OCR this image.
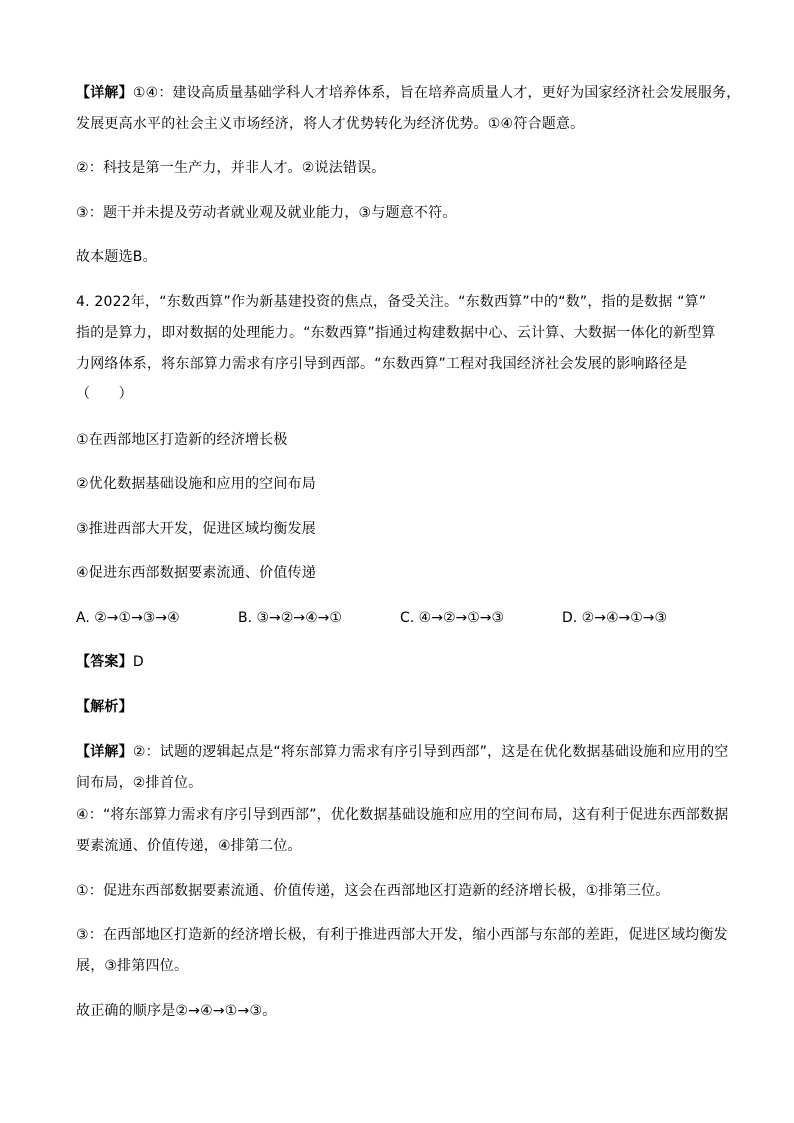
【详解】①④：建设高质量基础学科人才培养体系，旨在培养高质量人才，更好为国家经济社会发展服务，
发展更高水平的社会主义市场经济，将人才优势转化为经济优势。①④符合题意。
②：科技是第一生产力，并非人才。②说法错误。
③：题干并未提及劳动者就业观及就业能力，③与题意不符。
故本题选B。
4. 2022年，“东数西算”作为新基建投资的焦点，备受关注。“东数西算”中的“数”，指的是数据 “算”
指的是算力，即对数据的处理能力。“东数西算”指通过构建数据中心、云计算、大数据一体化的新型算
力网络体系，将东部算力需求有序引导到西部。“东数西算”工程对我国经济社会发展的影响路径是
（　　）
①在西部地区打造新的经济增长极
②优化数据基础设施和应用的空间布局
③推进西部大开发，促进区域均衡发展
④促进东西部数据要素流通、价值传递
A. ②→①→③→④	B. ③→②→④→①	C. ④→②→①→③	D. ②→④→①→③
【答案】D
【解析】
【详解】②：试题的逻辑起点是“将东部算力需求有序引导到西部”，这是在优化数据基础设施和应用的空
间布局，②排首位。
④：“将东部算力需求有序引导到西部”，优化数据基础设施和应用的空间布局，这有利于促进东西部数据
要素流通、价值传递，④排第二位。
①：促进东西部数据要素流通、价值传递，这会在西部地区打造新的经济增长极，①排第三位。
③：在西部地区打造新的经济增长极，有利于推进西部大开发，缩小西部与东部的差距，促进区域均衡发
展，③排第四位。
故正确的顺序是②→④→①→③。
